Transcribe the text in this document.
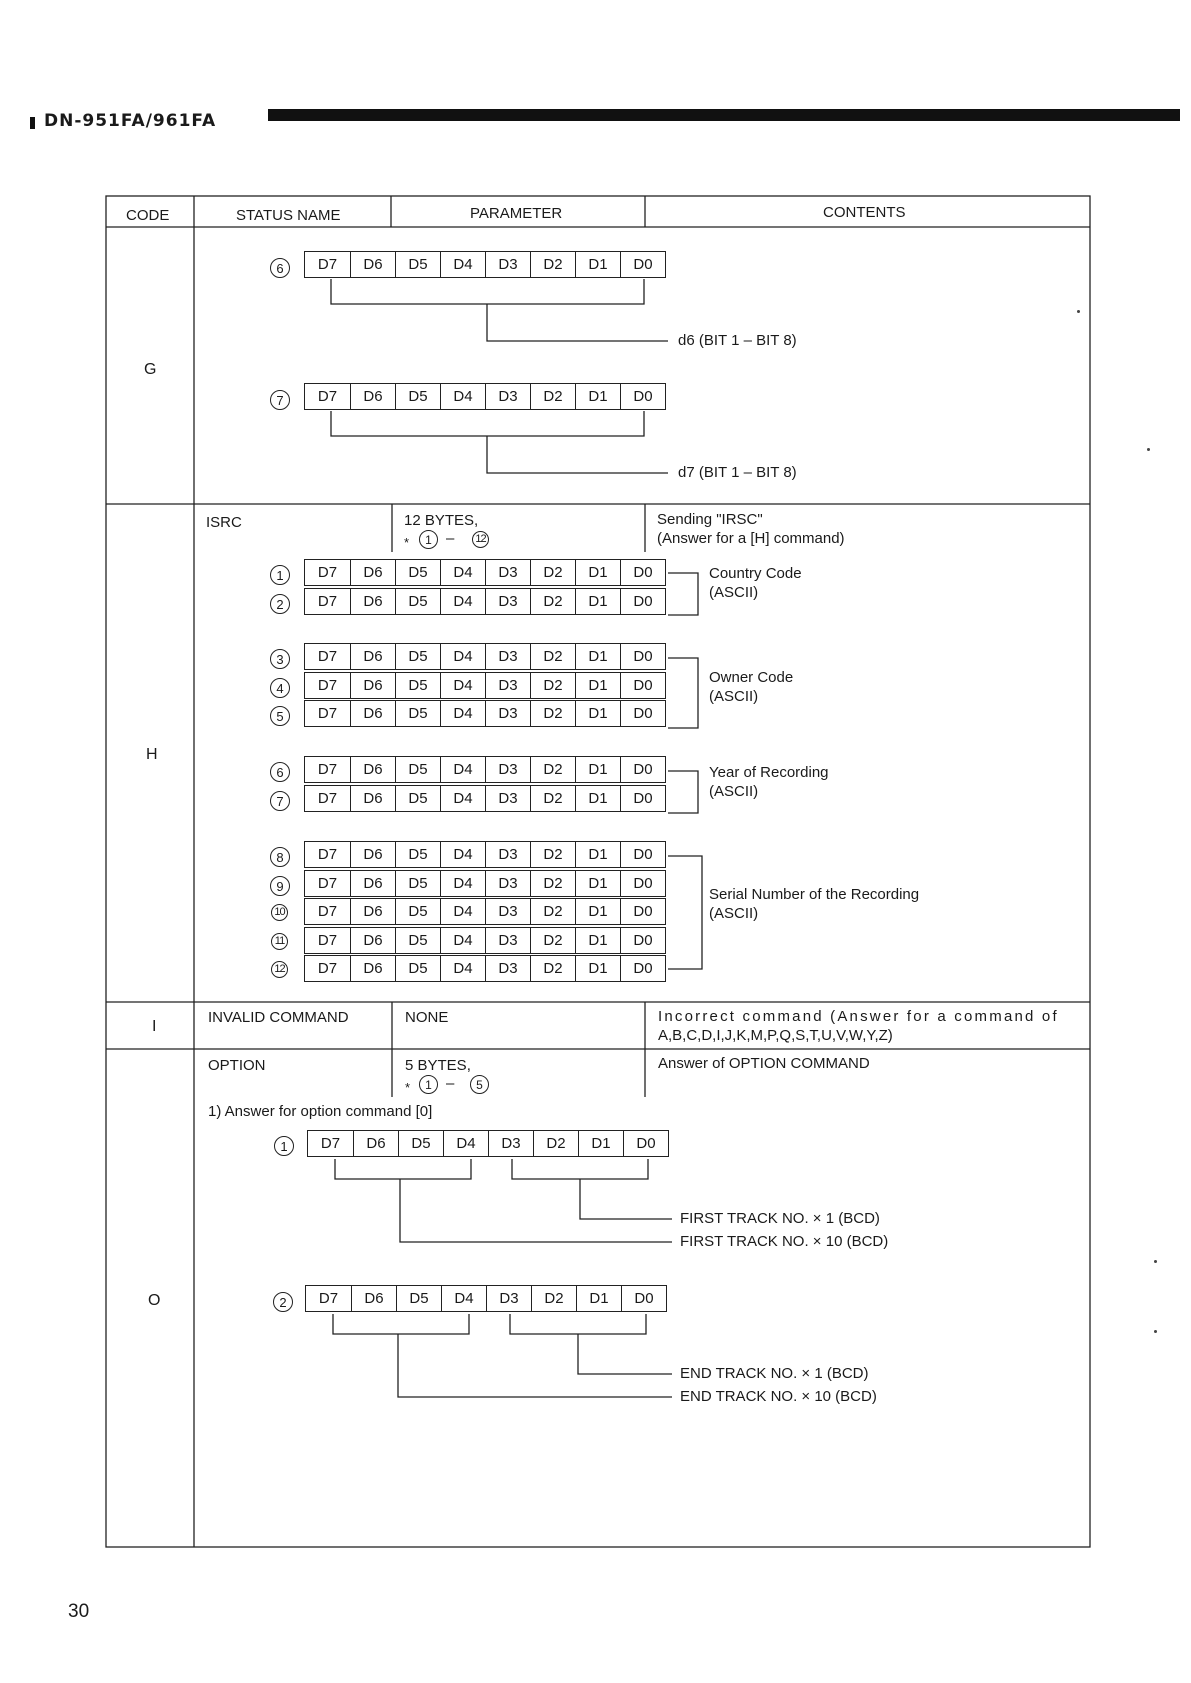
DN-951FA/961FA
CODE	STATUS NAME	PARAMETER	CONTENTS
G
6	D7	D6	D5	D4	D3	D2	D1	D0
d6 (BIT 1 – BIT 8)
7	D7	D6	D5	D4	D3	D2	D1	D0
d7 (BIT 1 – BIT 8)
H
ISRC	12 BYTES,
*	1 –	12
Sending "IRSC"
(Answer for a [H] command)
1	D7	D6	D5	D4	D3	D2	D1	D0
2	D7	D6	D5	D4	D3	D2	D1	D0
3	D7	D6	D5	D4	D3	D2	D1	D0
4	D7	D6	D5	D4	D3	D2	D1	D0
5	D7	D6	D5	D4	D3	D2	D1	D0
6	D7	D6	D5	D4	D3	D2	D1	D0
7	D7	D6	D5	D4	D3	D2	D1	D0
8	D7	D6	D5	D4	D3	D2	D1	D0
9	D7	D6	D5	D4	D3	D2	D1	D0
10	D7	D6	D5	D4	D3	D2	D1	D0
11	D7	D6	D5	D4	D3	D2	D1	D0
12	D7	D6	D5	D4	D3	D2	D1	D0
Country Code
(ASCII)
Owner Code
(ASCII)
Year of Recording
(ASCII)
Serial Number of the Recording
(ASCII)
I
INVALID COMMAND	NONE	Incorrect command (Answer for a command of
A,B,C,D,I,J,K,M,P,Q,S,T,U,V,W,Y,Z)
O
OPTION	5 BYTES,
*	1 –	5
Answer of OPTION COMMAND
1) Answer for option command [0]
1	D7	D6	D5	D4	D3	D2	D1	D0
FIRST TRACK NO. × 1 (BCD)
FIRST TRACK NO. × 10 (BCD)
2	D7	D6	D5	D4	D3	D2	D1	D0
END TRACK NO. × 1 (BCD)
END TRACK NO. × 10 (BCD)
30
